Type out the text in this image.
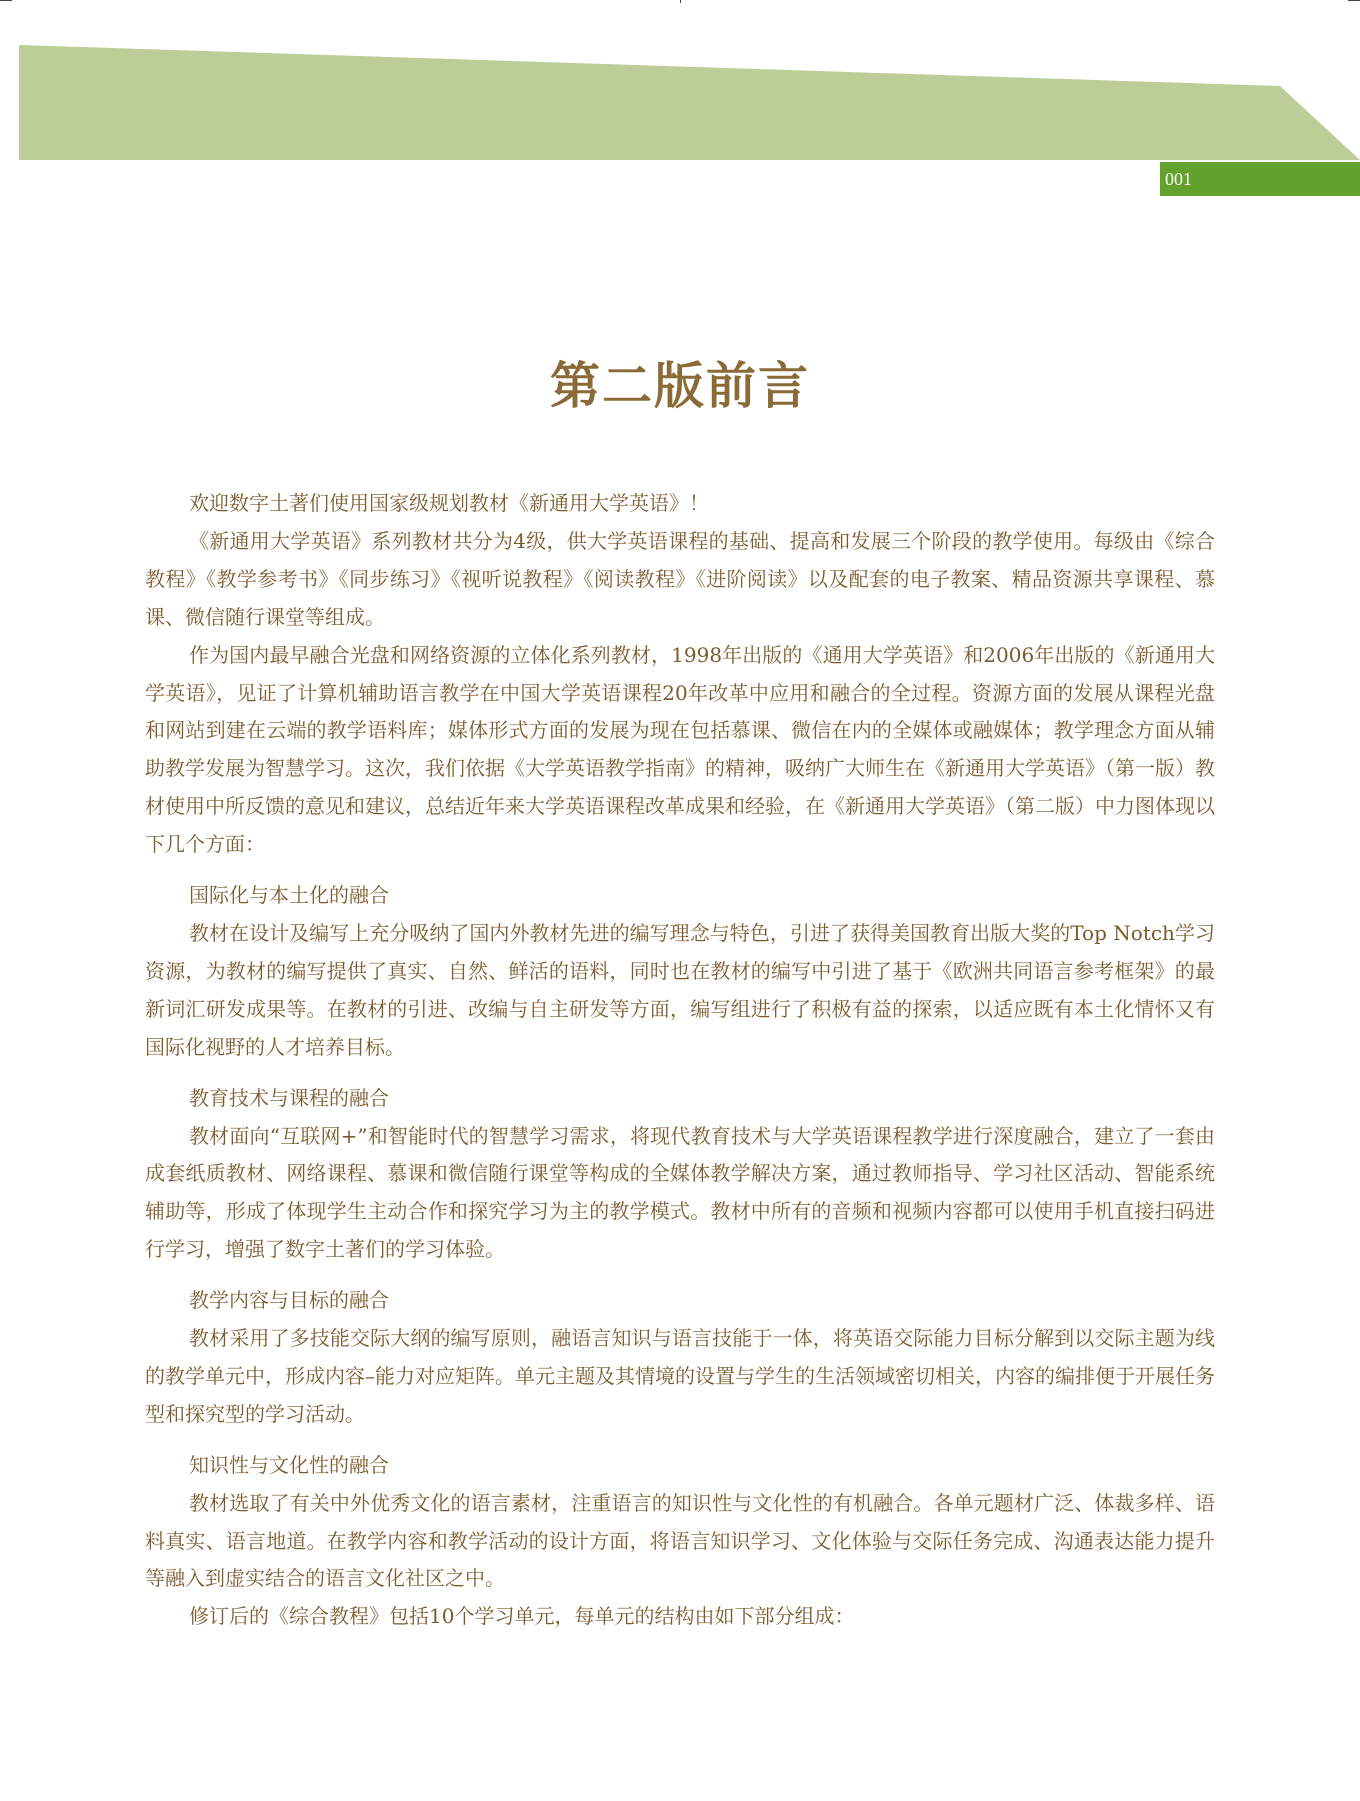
001
第二版前言

欢迎数字土著们使用国家级规划教材《新通用大学英语》！

《新通用大学英语》系列教材共分为4级，供大学英语课程的基础、提高和发展三个阶段的教学使用。每级由《综合教程》《教学参考书》《同步练习》《视听说教程》《阅读教程》《进阶阅读》以及配套的电子教案、精品资源共享课程、慕课、微信随行课堂等组成。

作为国内最早融合光盘和网络资源的立体化系列教材，1998年出版的《通用大学英语》和2006年出版的《新通用大学英语》，见证了计算机辅助语言教学在中国大学英语课程20年改革中应用和融合的全过程。资源方面的发展从课程光盘和网站到建在云端的教学语料库；媒体形式方面的发展为现在包括慕课、微信在内的全媒体或融媒体；教学理念方面从辅助教学发展为智慧学习。这次，我们依据《大学英语教学指南》的精神，吸纳广大师生在《新通用大学英语》（第一版）教材使用中所反馈的意见和建议，总结近年来大学英语课程改革成果和经验，在《新通用大学英语》（第二版）中力图体现以下几个方面：

国际化与本土化的融合

教材在设计及编写上充分吸纳了国内外教材先进的编写理念与特色，引进了获得美国教育出版大奖的Top Notch学习资源，为教材的编写提供了真实、自然、鲜活的语料，同时也在教材的编写中引进了基于《欧洲共同语言参考框架》的最新词汇研发成果等。在教材的引进、改编与自主研发等方面，编写组进行了积极有益的探索，以适应既有本土化情怀又有国际化视野的人才培养目标。

教育技术与课程的融合

教材面向“互联网+”和智能时代的智慧学习需求，将现代教育技术与大学英语课程教学进行深度融合，建立了一套由成套纸质教材、网络课程、慕课和微信随行课堂等构成的全媒体教学解决方案，通过教师指导、学习社区活动、智能系统辅助等，形成了体现学生主动合作和探究学习为主的教学模式。教材中所有的音频和视频内容都可以使用手机直接扫码进行学习，增强了数字土著们的学习体验。

教学内容与目标的融合

教材采用了多技能交际大纲的编写原则，融语言知识与语言技能于一体，将英语交际能力目标分解到以交际主题为线的教学单元中，形成内容–能力对应矩阵。单元主题及其情境的设置与学生的生活领域密切相关，内容的编排便于开展任务型和探究型的学习活动。

知识性与文化性的融合

教材选取了有关中外优秀文化的语言素材，注重语言的知识性与文化性的有机融合。各单元题材广泛、体裁多样、语料真实、语言地道。在教学内容和教学活动的设计方面，将语言知识学习、文化体验与交际任务完成、沟通表达能力提升等融入到虚实结合的语言文化社区之中。

修订后的《综合教程》包括10个学习单元，每单元的结构由如下部分组成：
